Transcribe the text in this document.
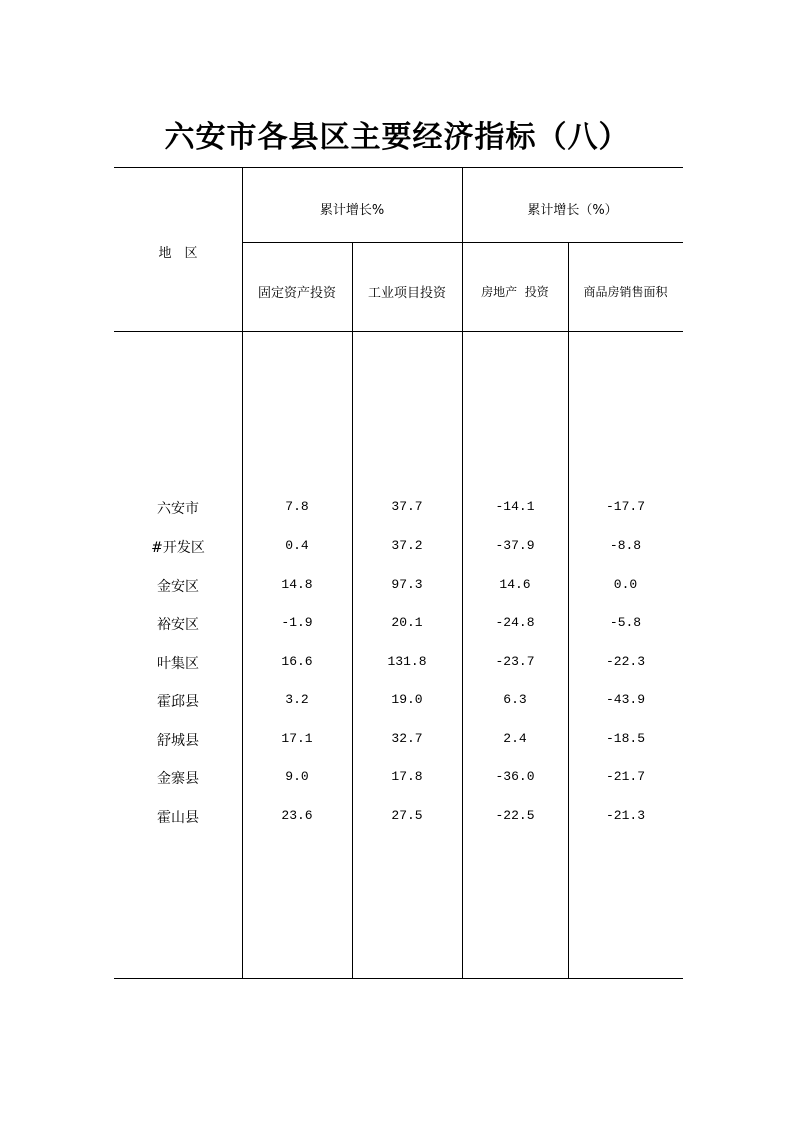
六安市各县区主要经济指标（八）
地　区
累计增长%	累计增长（%）
固定资产投资	工业项目投资	房地产  投资	商品房销售面积
六安市	7.8	37.7	-14.1	-17.7
#开发区	0.4	37.2	-37.9	-8.8
金安区	14.8	97.3	14.6	0.0
裕安区	-1.9	20.1	-24.8	-5.8
叶集区	16.6	131.8	-23.7	-22.3
霍邱县	3.2	19.0	6.3	-43.9
舒城县	17.1	32.7	2.4	-18.5
金寨县	9.0	17.8	-36.0	-21.7
霍山县	23.6	27.5	-22.5	-21.3
